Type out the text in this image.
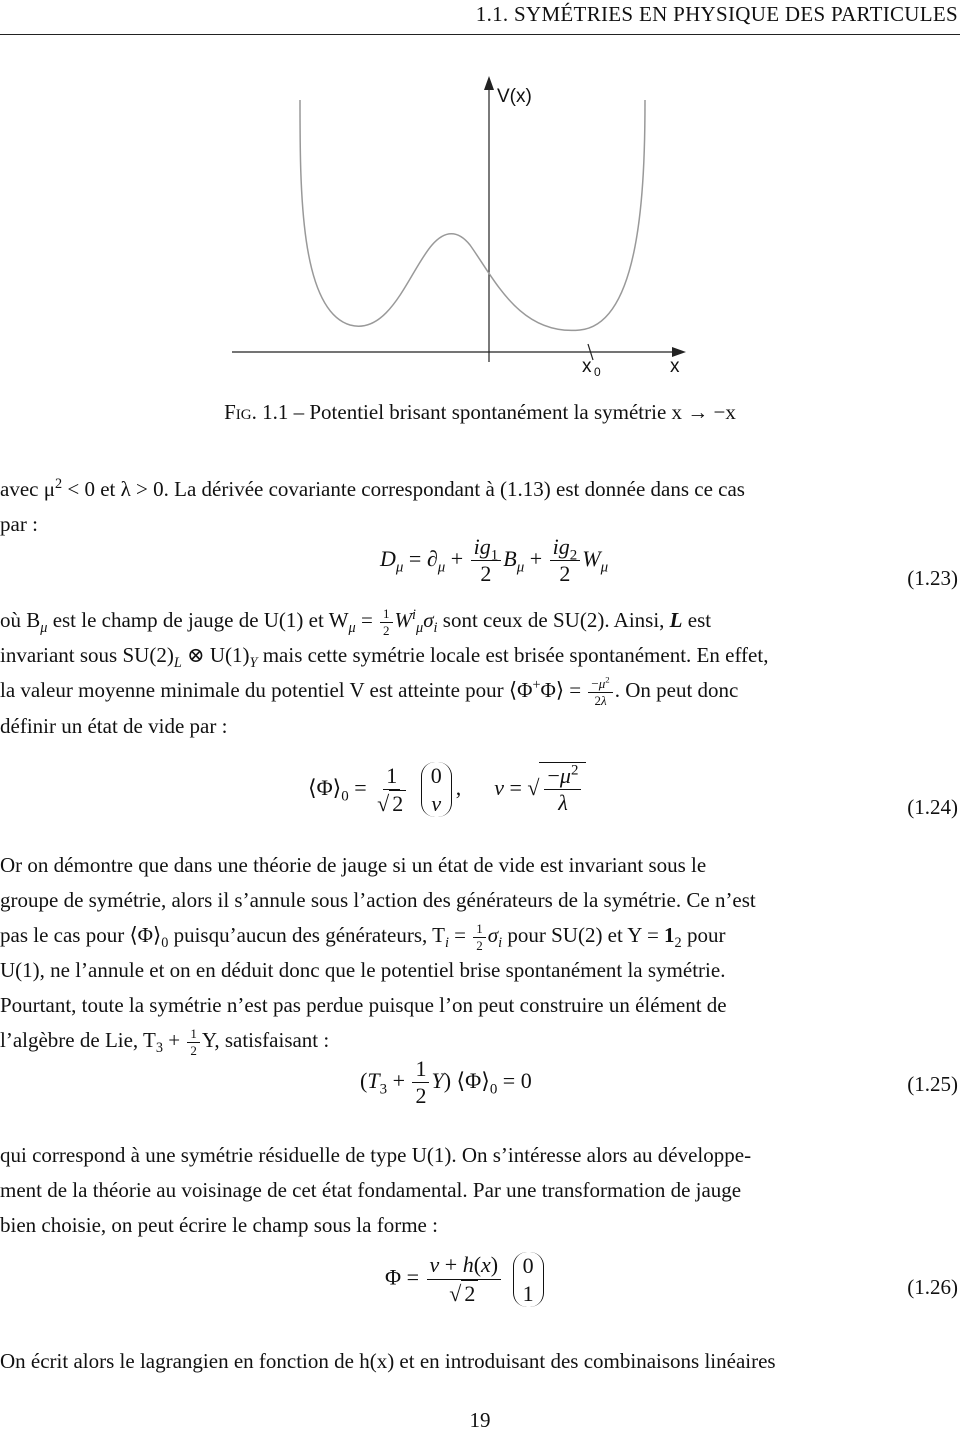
1.1. SYMÉTRIES EN PHYSIQUE DES PARTICULES
V(x)
x 0	x
Fig. 1.1 – Potentiel brisant spontanément la symétrie x → −x
avec $\mu^2 < 0$ et λ > 0. La dérivée covariante correspondant à (1.13) est donnée dans ce cas
par :
$D_\mu = \partial_\mu + \frac{ig_1}{2} B_\mu + \frac{ig_2}{2} W_\mu$	(1.23)
où $B_\mu$ est le champ de jauge de U(1) et $W_\mu = \frac{1}{2} W^i_\mu\sigma_i$ sont ceux de SU(2). Ainsi, L est
invariant sous $SU(2)_L$ ⊗ $U(1)_Y$ mais cette symétrie locale est brisée spontanément. En effet,
la valeur moyenne minimale du potentiel V est atteinte pour ⟨Φ+Φ⟩ = $\frac{-\mu^2}{2\lambda}$ . On peut donc
définir un état de vide par :
$⟨\Phi⟩_0 = \frac{1}{√ 2}$
0
v
,      v = √ $\frac{-\mu^2}{\lambda}$	(1.24)
Or on démontre que dans une théorie de jauge si un état de vide est invariant sous le
groupe de symétrie, alors il s’annule sous l’action des générateurs de la symétrie. Ce n’est
pas le cas pour $⟨\Phi⟩_0$ puisqu’aucun des générateurs, $T_i = \frac{1}{2} \sigma_i$ pour SU(2) et $Y = 1_2$ pour
U(1), ne l’annule et on en déduit donc que le potentiel brise spontanément la symétrie.
Pourtant, toute la symétrie n’est pas perdue puisque l’on peut construire un élément de
l’algèbre de Lie, $T_3 + \frac{1}{2} Y$, satisfaisant :
$(T_3 + \frac{1}{2} Y)$ $⟨\Phi⟩_0 = 0$	(1.25)
qui correspond à une symétrie résiduelle de type U(1). On s’intéresse alors au développe-
ment de la théorie au voisinage de cet état fondamental. Par une transformation de jauge
bien choisie, on peut écrire le champ sous la forme :
$\Phi = \frac{v + h(x)}{√ 2}$
0
1	(1.26)
On écrit alors le lagrangien en fonction de h(x) et en introduisant des combinaisons linéaires
19
